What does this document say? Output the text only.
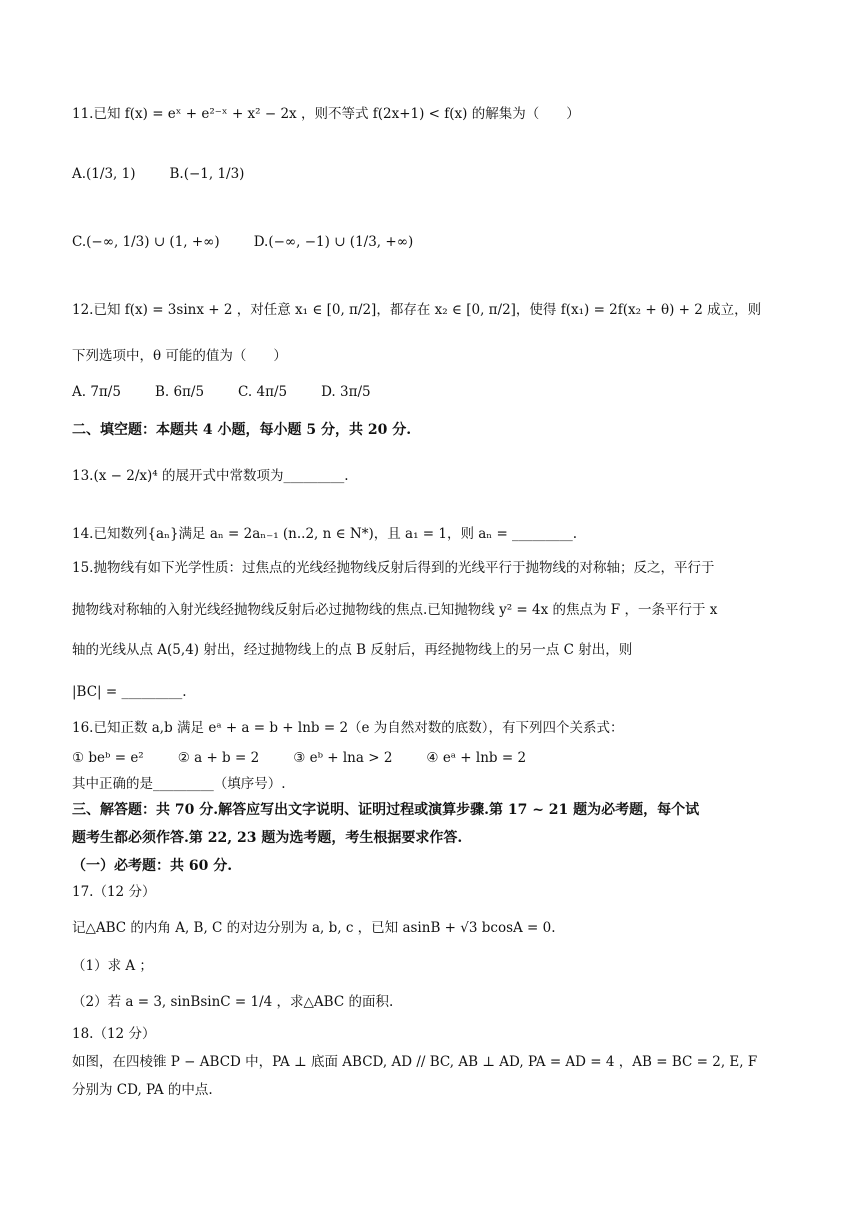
11.已知 f(x) = eˣ + e²⁻ˣ + x² − 2x ，则不等式 f(2x+1) < f(x) 的解集为（　　）
A.(1/3, 1)	B.(−1, 1/3)
C.(−∞, 1/3) ∪ (1, +∞)	D.(−∞, −1) ∪ (1/3, +∞)
12.已知 f(x) = 3sinx + 2 ，对任意 x₁ ∈ [0, π/2]，都存在 x₂ ∈ [0, π/2]，使得 f(x₁) = 2f(x₂ + θ) + 2 成立，则
下列选项中，θ 可能的值为（　　）
A. 7π/5	B. 6π/5	C. 4π/5	D. 3π/5
二、填空题：本题共 4 小题，每小题 5 分，共 20 分.
13.(x − 2/x)⁴ 的展开式中常数项为_________.
14.已知数列{aₙ}满足 aₙ = 2aₙ₋₁ (n..2, n ∈ N*)，且 a₁ = 1，则 aₙ = _________.
15.抛物线有如下光学性质：过焦点的光线经抛物线反射后得到的光线平行于抛物线的对称轴；反之，平行于
抛物线对称轴的入射光线经抛物线反射后必过抛物线的焦点.已知抛物线 y² = 4x 的焦点为 F ，一条平行于 x
轴的光线从点 A(5,4) 射出，经过抛物线上的点 B 反射后，再经抛物线上的另一点 C 射出，则
|BC| = _________.
16.已知正数 a,b 满足 eᵃ + a = b + lnb = 2（e 为自然对数的底数），有下列四个关系式：
① beᵇ = e²	② a + b = 2	③ eᵇ + lna > 2	④ eᵃ + lnb = 2
其中正确的是_________（填序号）.
三、解答题：共 70 分.解答应写出文字说明、证明过程或演算步骤.第 17 ~ 21 题为必考题，每个试
题考生都必须作答.第 22, 23 题为选考题，考生根据要求作答.
（一）必考题：共 60 分.
17.（12 分）
记△ABC 的内角 A, B, C 的对边分别为 a, b, c ，已知 asinB + √3 bcosA = 0.
（1）求 A ；
（2）若 a = 3, sinBsinC = 1/4 ，求△ABC 的面积.
18.（12 分）
如图，在四棱锥 P − ABCD 中，PA ⊥ 底面 ABCD, AD // BC, AB ⊥ AD, PA = AD = 4 ，AB = BC = 2, E, F
分别为 CD, PA 的中点.
